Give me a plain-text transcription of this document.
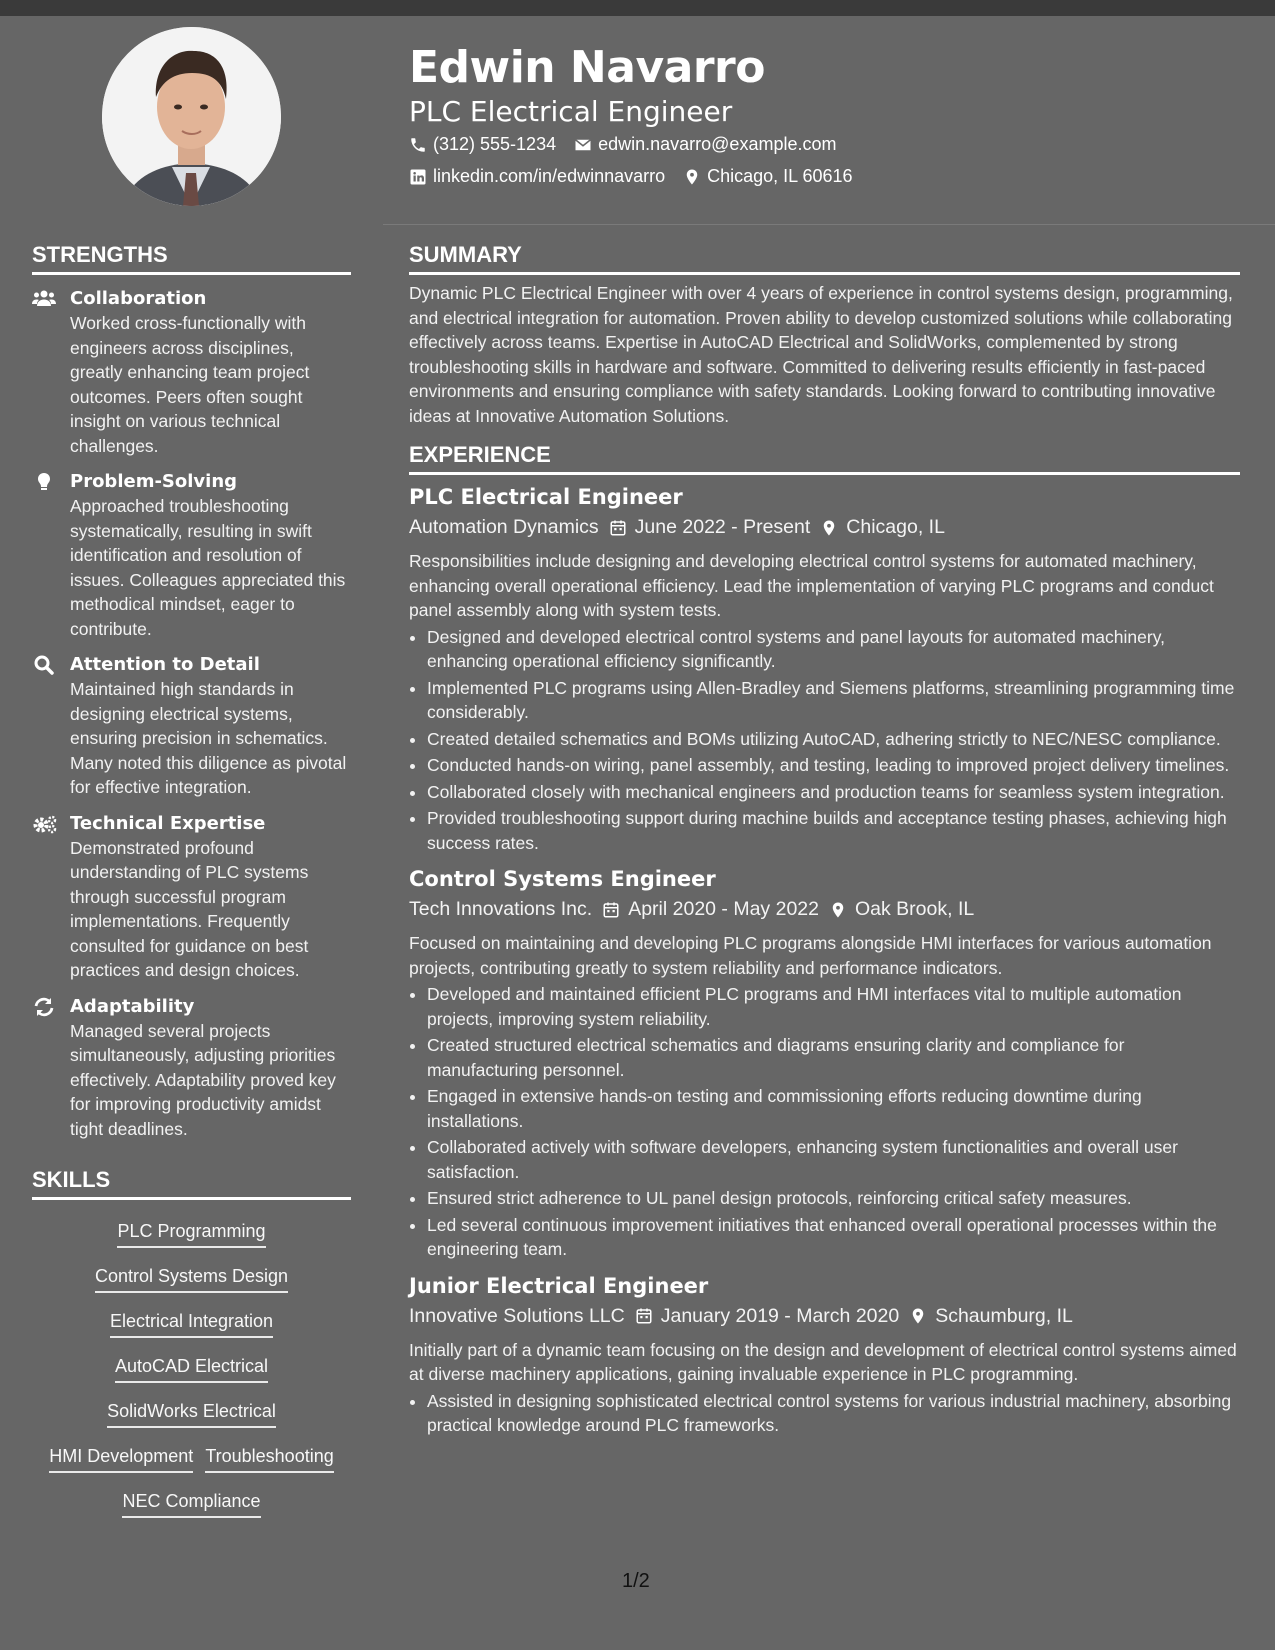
Edwin Navarro
PLC Electrical Engineer
(312) 555-1234 edwin.navarro@example.com
linkedin.com/in/edwinnavarro Chicago, IL 60616
STRENGTHS
Collaboration
Worked cross-functionally with engineers across disciplines, greatly enhancing team project outcomes. Peers often sought insight on various technical challenges.
Problem-Solving
Approached troubleshooting systematically, resulting in swift identification and resolution of issues. Colleagues appreciated this methodical mindset, eager to contribute.
Attention to Detail
Maintained high standards in designing electrical systems, ensuring precision in schematics. Many noted this diligence as pivotal for effective integration.
Technical Expertise
Demonstrated profound understanding of PLC systems through successful program implementations. Frequently consulted for guidance on best practices and design choices.
Adaptability
Managed several projects simultaneously, adjusting priorities effectively. Adaptability proved key for improving productivity amidst tight deadlines.
SKILLS
PLC Programming
Control Systems Design
Electrical Integration
AutoCAD Electrical
SolidWorks Electrical
HMI Development Troubleshooting
NEC Compliance
SUMMARY

Dynamic PLC Electrical Engineer with over 4 years of experience in control systems design, programming, and electrical integration for automation. Proven ability to develop customized solutions while collaborating effectively across teams. Expertise in AutoCAD Electrical and SolidWorks, complemented by strong troubleshooting skills in hardware and software. Committed to delivering results efficiently in fast-paced environments and ensuring compliance with safety standards. Looking forward to contributing innovative ideas at Innovative Automation Solutions.

EXPERIENCE
PLC Electrical Engineer
Automation Dynamics June 2022 - Present Chicago, IL
Responsibilities include designing and developing electrical control systems for automated machinery, enhancing overall operational efficiency. Lead the implementation of varying PLC programs and conduct panel assembly along with system tests.
• Designed and developed electrical control systems and panel layouts for automated machinery, enhancing operational efficiency significantly.
• Implemented PLC programs using Allen-Bradley and Siemens platforms, streamlining programming time considerably.
• Created detailed schematics and BOMs utilizing AutoCAD, adhering strictly to NEC/NESC compliance.
• Conducted hands-on wiring, panel assembly, and testing, leading to improved project delivery timelines.
• Collaborated closely with mechanical engineers and production teams for seamless system integration.
• Provided troubleshooting support during machine builds and acceptance testing phases, achieving high success rates.
Control Systems Engineer
Tech Innovations Inc. April 2020 - May 2022 Oak Brook, IL
Focused on maintaining and developing PLC programs alongside HMI interfaces for various automation projects, contributing greatly to system reliability and performance indicators.
• Developed and maintained efficient PLC programs and HMI interfaces vital to multiple automation projects, improving system reliability.
• Created structured electrical schematics and diagrams ensuring clarity and compliance for manufacturing personnel.
• Engaged in extensive hands-on testing and commissioning efforts reducing downtime during installations.
• Collaborated actively with software developers, enhancing system functionalities and overall user satisfaction.
• Ensured strict adherence to UL panel design protocols, reinforcing critical safety measures.
• Led several continuous improvement initiatives that enhanced overall operational processes within the engineering team.
Junior Electrical Engineer
Innovative Solutions LLC January 2019 - March 2020 Schaumburg, IL
Initially part of a dynamic team focusing on the design and development of electrical control systems aimed at diverse machinery applications, gaining invaluable experience in PLC programming.
• Assisted in designing sophisticated electrical control systems for various industrial machinery, absorbing practical knowledge around PLC frameworks.
1/2
